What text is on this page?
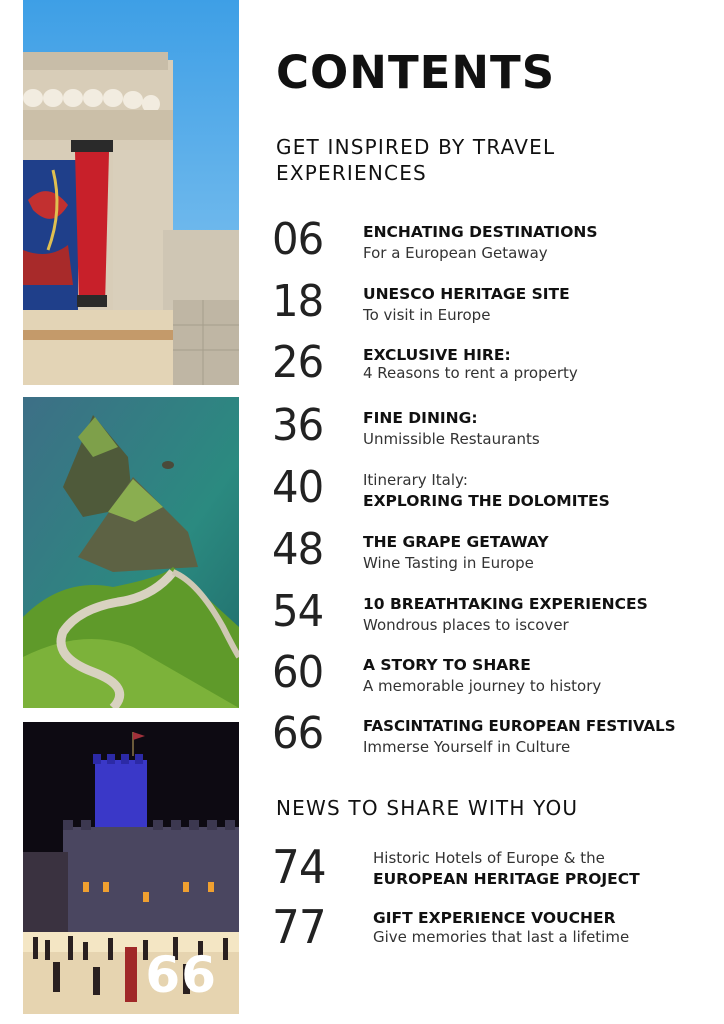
66
CONTENTS
GET INSPIRED BY TRAVEL EXPERIENCES
06	ENCHATING DESTINATIONS
For a European Getaway
18	UNESCO HERITAGE SITE
To visit in Europe
26	EXCLUSIVE HIRE:
4 Reasons to rent a property
36	FINE DINING:
Unmissible Restaurants
40	Itinerary Italy:
EXPLORING THE DOLOMITES
48	THE GRAPE GETAWAY
Wine Tasting in Europe
54	10 BREATHTAKING EXPERIENCES
Wondrous places to iscover
60	A STORY TO SHARE
A memorable journey to history
66	FASCINTATING EUROPEAN FESTIVALS
Immerse Yourself in Culture
NEWS TO SHARE WITH YOU
74	Historic Hotels of Europe & the
EUROPEAN HERITAGE PROJECT
77	GIFT EXPERIENCE VOUCHER
Give memories that last a lifetime
